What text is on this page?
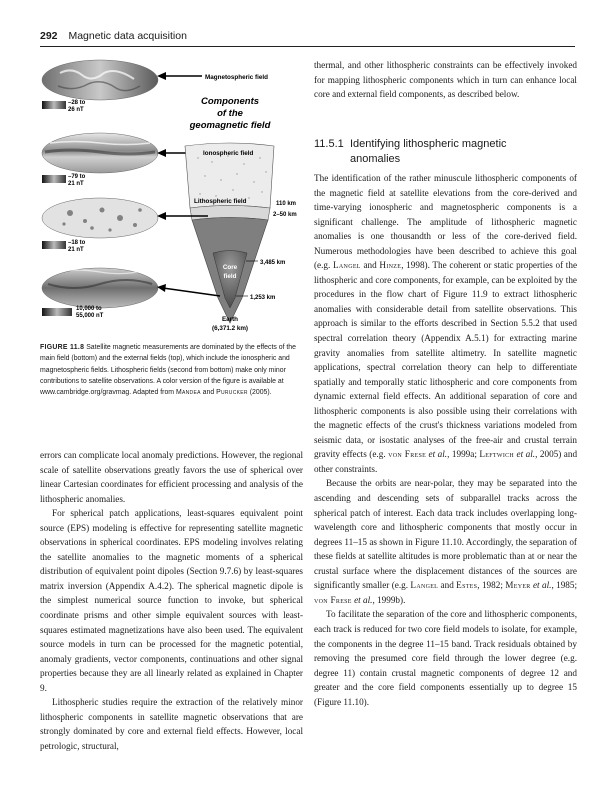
292 Magnetic data acquisition
–28 to
26 nT
Magnetospheric field
Components
of the
geomagnetic field
–79 to
21 nT
Ionospheric field
Lithospheric field	110 km
2–50 km
Core
field
3,485 km
1,253 km
Earth
(6,371.2 km)
–18 to
21 nT
10,000 to
55,000 nT
FIGURE 11.8 Satellite magnetic measurements are dominated by the effects of the main field (bottom) and the external fields (top), which include the ionospheric and magnetospheric fields. Lithospheric fields (second from bottom) make only minor contributions to satellite observations. A color version of the figure is available at www.cambridge.org/gravmag. Adapted from Mandea and Purucker (2005).

errors can complicate local anomaly predictions. However, the regional scale of satellite observations greatly favors the use of spherical over linear Cartesian coordinates for efficient processing and analysis of the lithospheric anomalies.

For spherical patch applications, least-squares equivalent point source (EPS) modeling is effective for representing satellite magnetic observations in spherical coordinates. EPS modeling involves relating the satellite anomalies to the magnetic moments of a spherical distribution of equivalent point dipoles (Section 9.7.6) by least-squares matrix inversion (Appendix A.4.2). The spherical magnetic dipole is the simplest numerical source function to invoke, but spherical coordinate prisms and other simple equivalent sources with least-squares estimated magnetizations have also been used. The equivalent source models in turn can be processed for the magnetic potential, anomaly gradients, vector components, continuations and other signal properties because they are all linearly related as explained in Chapter 9.

Lithospheric studies require the extraction of the relatively minor lithospheric components in satellite magnetic observations that are strongly dominated by core and external field effects. However, local petrologic, structural,

thermal, and other lithospheric constraints can be effectively invoked for mapping lithospheric components which in turn can enhance local core and external field components, as described below.

11.5.1 Identifying lithospheric magnetic
anomalies

The identification of the rather minuscule lithospheric components of the magnetic field at satellite elevations from the core-derived and time-varying ionospheric and magnetospheric components is a significant challenge. The amplitude of lithospheric magnetic anomalies is one thousandth or less of the core-derived field. Numerous methodologies have been described to achieve this goal (e.g. Langel and Hinze, 1998). The coherent or static properties of the lithospheric and core components, for example, can be exploited by the procedures in the flow chart of Figure 11.9 to extract lithospheric anomalies with considerable detail from satellite observations. This approach is similar to the efforts described in Section 5.5.2 that used spectral correlation theory (Appendix A.5.1) for extracting marine gravity anomalies from satellite altimetry. In satellite magnetic applications, spectral correlation theory can help to differentiate spatially and temporally static lithospheric and core components from dynamic external field effects. An additional separation of core and lithospheric components is also possible using their correlations with the magnetic effects of the crust's thickness variations modeled from seismic data, or isostatic analyses of the free-air and crustal terrain gravity effects (e.g. von Frese et al., 1999a; Leftwich et al., 2005) and other constraints.

Because the orbits are near-polar, they may be separated into the ascending and descending sets of subparallel tracks across the spherical patch of interest. Each data track includes overlapping long-wavelength core and lithospheric components that mostly occur in degrees 11–15 as shown in Figure 11.10. Accordingly, the separation of these fields at satellite altitudes is more problematic than at or near the crustal surface where the displacement distances of the sources are significantly smaller (e.g. Langel and Estes, 1982; Meyer et al., 1985; von Frese et al., 1999b).

To facilitate the separation of the core and lithospheric components, each track is reduced for two core field models to isolate, for example, the components in the degree 11–15 band. Track residuals obtained by removing the presumed core field through the lower degree (e.g. degree 11) contain crustal magnetic components of degree 12 and greater and the core field components essentially up to degree 15 (Figure 11.10).
